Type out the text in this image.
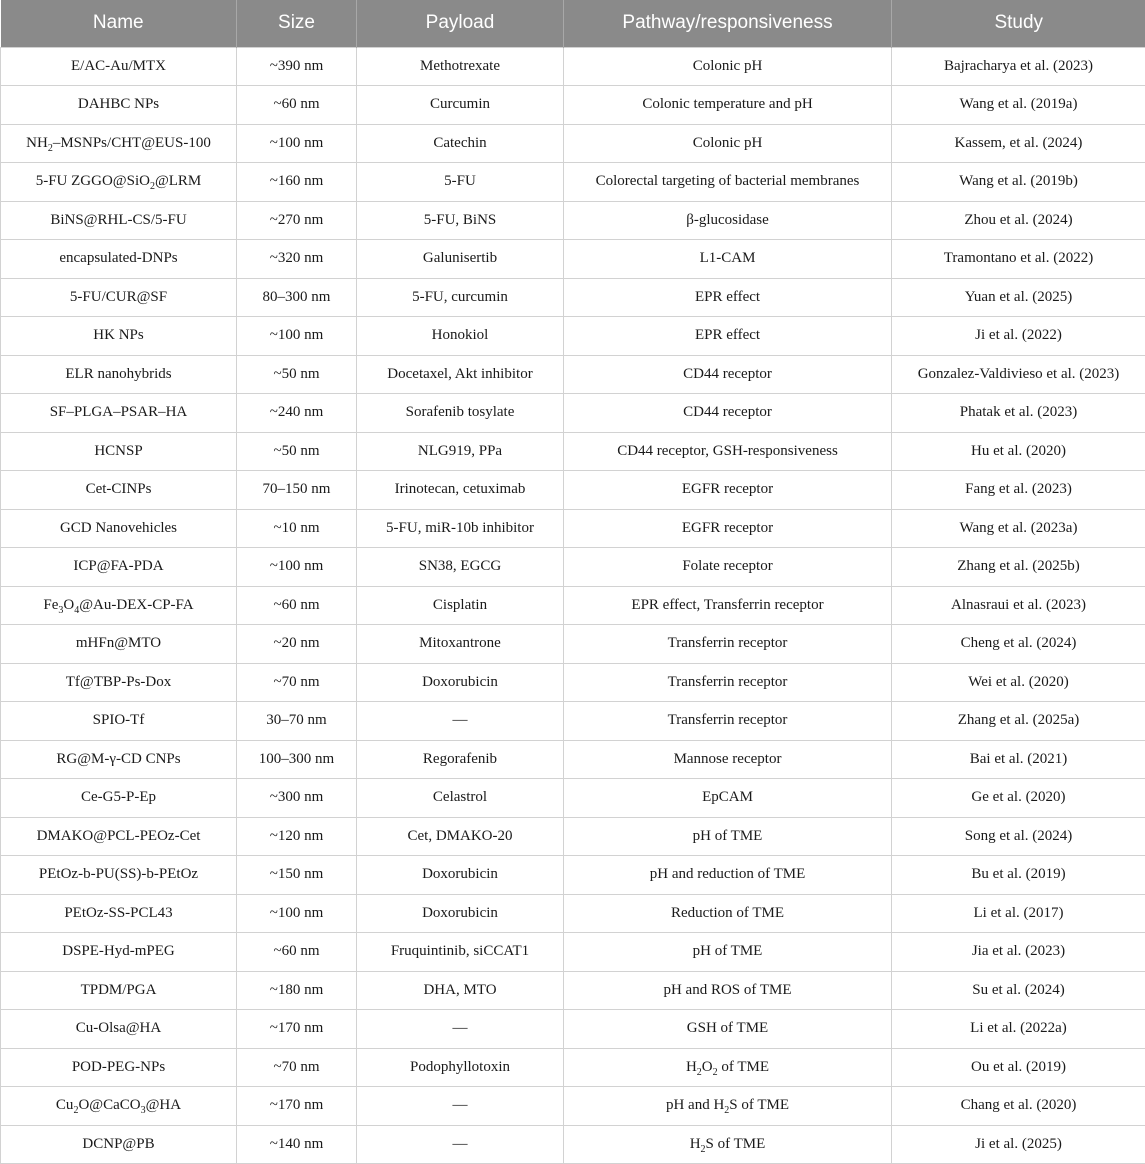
Name	Size	Payload	Pathway/responsiveness	Study
E/AC-Au/MTX	~390 nm	Methotrexate	Colonic pH	Bajracharya et al. (2023)
DAHBC NPs	~60 nm	Curcumin	Colonic temperature and pH	Wang et al. (2019a)
$NH_2-MSNPs/CHT@EUS-100$	~100 nm	Catechin	Colonic pH	Kassem, et al. (2024)
5-FU ZGGO@SiO$_2$@LRM	~160 nm	5-FU	Colorectal targeting of bacterial membranes	Wang et al. (2019b)
BiNS@RHL-CS/5-FU	~270 nm	5-FU, BiNS	β-glucosidase	Zhou et al. (2024)
encapsulated-DNPs	~320 nm	Galunisertib	L1-CAM	Tramontano et al. (2022)
5-FU/CUR@SF	80–300 nm	5-FU, curcumin	EPR effect	Yuan et al. (2025)
HK NPs	~100 nm	Honokiol	EPR effect	Ji et al. (2022)
ELR nanohybrids	~50 nm	Docetaxel, Akt inhibitor	CD44 receptor	Gonzalez-Valdivieso et al. (2023)
SF–PLGA–PSAR–HA	~240 nm	Sorafenib tosylate	CD44 receptor	Phatak et al. (2023)
HCNSP	~50 nm	NLG919, PPa	CD44 receptor, GSH-responsiveness	Hu et al. (2020)
Cet-CINPs	70–150 nm	Irinotecan, cetuximab	EGFR receptor	Fang et al. (2023)
GCD Nanovehicles	~10 nm	5-FU, miR-10b inhibitor	EGFR receptor	Wang et al. (2023a)
ICP@FA-PDA	~100 nm	SN38, EGCG	Folate receptor	Zhang et al. (2025b)
$Fe_3O_4@Au-DEX-CP-FA$	~60 nm	Cisplatin	EPR effect, Transferrin receptor	Alnasraui et al. (2023)
mHFn@MTO	~20 nm	Mitoxantrone	Transferrin receptor	Cheng et al. (2024)
Tf@TBP-Ps-Dox	~70 nm	Doxorubicin	Transferrin receptor	Wei et al. (2020)
SPIO-Tf	30–70 nm	—	Transferrin receptor	Zhang et al. (2025a)
RG@M-γ-CD CNPs	100–300 nm	Regorafenib	Mannose receptor	Bai et al. (2021)
Ce-G5-P-Ep	~300 nm	Celastrol	EpCAM	Ge et al. (2020)
DMAKO@PCL-PEOz-Cet	~120 nm	Cet, DMAKO-20	pH of TME	Song et al. (2024)
PEtOz-b-PU(SS)-b-PEtOz	~150 nm	Doxorubicin	pH and reduction of TME	Bu et al. (2019)
PEtOz-SS-PCL43	~100 nm	Doxorubicin	Reduction of TME	Li et al. (2017)
DSPE-Hyd-mPEG	~60 nm	Fruquintinib, siCCAT1	pH of TME	Jia et al. (2023)
TPDM/PGA	~180 nm	DHA, MTO	pH and ROS of TME	Su et al. (2024)
Cu-Olsa@HA	~170 nm	—	GSH of TME	Li et al. (2022a)
POD-PEG-NPs	~70 nm	Podophyllotoxin	$H_2O_2$ of TME	Ou et al. (2019)
$Cu_2O@CaCO_3@HA$	~170 nm	—	pH and $H_2S$ of TME	Chang et al. (2020)
DCNP@PB	~140 nm	—	$H_2S$ of TME	Ji et al. (2025)
